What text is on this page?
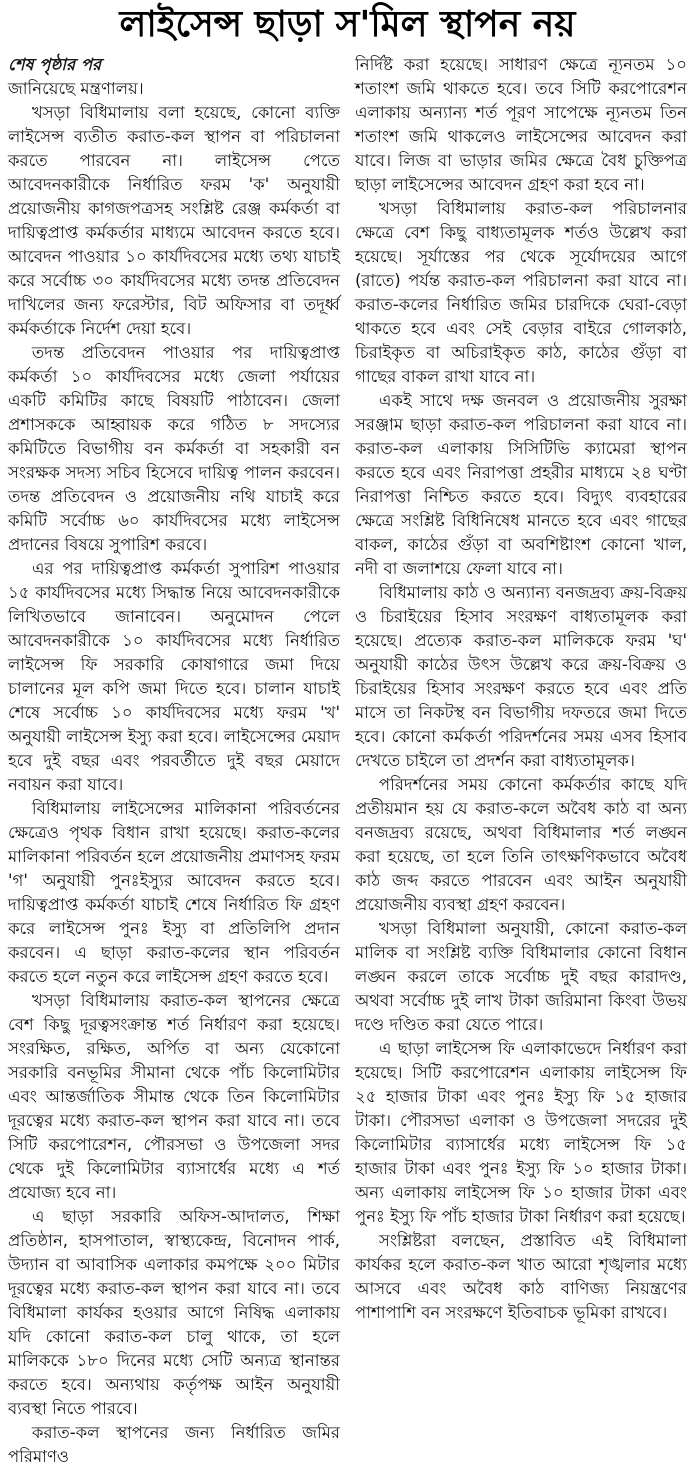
লাইসেন্স ছাড়া স'মিল স্থাপন নয়

শেষ পৃষ্ঠার পর

জানিয়েছে মন্ত্রণালয়।

খসড়া বিধিমালায় বলা হয়েছে, কোনো ব্যক্তি লাইসেন্স ব্যতীত করাত-কল স্থাপন বা পরিচালনা করতে পারবেন না। লাইসেন্স পেতে আবেদনকারীকে নির্ধারিত ফরম 'ক' অনুযায়ী প্রয়োজনীয় কাগজপত্রসহ সংশ্লিষ্ট রেঞ্জ কর্মকর্তা বা দায়িত্বপ্রাপ্ত কর্মকর্তার মাধ্যমে আবেদন করতে হবে। আবেদন পাওয়ার ১০ কার্যদিবসের মধ্যে তথ্য যাচাই করে সর্বোচ্চ ৩০ কার্যদিবসের মধ্যে তদন্ত প্রতিবেদন দাখিলের জন্য ফরেস্টার, বিট অফিসার বা তদূর্ধ্ব কর্মকর্তাকে নির্দেশ দেয়া হবে।

তদন্ত প্রতিবেদন পাওয়ার পর দায়িত্বপ্রাপ্ত কর্মকর্তা ১০ কার্যদিবসের মধ্যে জেলা পর্যায়ের একটি কমিটির কাছে বিষয়টি পাঠাবেন। জেলা প্রশাসককে আহ্বায়ক করে গঠিত ৮ সদস্যের কমিটিতে বিভাগীয় বন কর্মকর্তা বা সহকারী বন সংরক্ষক সদস্য সচিব হিসেবে দায়িত্ব পালন করবেন। তদন্ত প্রতিবেদন ও প্রয়োজনীয় নথি যাচাই করে কমিটি সর্বোচ্চ ৬০ কার্যদিবসের মধ্যে লাইসেন্স প্রদানের বিষয়ে সুপারিশ করবে।

এর পর দায়িত্বপ্রাপ্ত কর্মকর্তা সুপারিশ পাওয়ার ১৫ কার্যদিবসের মধ্যে সিদ্ধান্ত নিয়ে আবেদনকারীকে লিখিতভাবে জানাবেন। অনুমোদন পেলে আবেদনকারীকে ১০ কার্যদিবসের মধ্যে নির্ধারিত লাইসেন্স ফি সরকারি কোষাগারে জমা দিয়ে চালানের মূল কপি জমা দিতে হবে। চালান যাচাই শেষে সর্বোচ্চ ১০ কার্যদিবসের মধ্যে ফরম 'খ' অনুযায়ী লাইসেন্স ইস্যু করা হবে। লাইসেন্সের মেয়াদ হবে দুই বছর এবং পরবর্তীতে দুই বছর মেয়াদে নবায়ন করা যাবে।

বিধিমালায় লাইসেন্সের মালিকানা পরিবর্তনের ক্ষেত্রেও পৃথক বিধান রাখা হয়েছে। করাত-কলের মালিকানা পরিবর্তন হলে প্রয়োজনীয় প্রমাণসহ ফরম 'গ' অনুযায়ী পুনঃইস্যুর আবেদন করতে হবে। দায়িত্বপ্রাপ্ত কর্মকর্তা যাচাই শেষে নির্ধারিত ফি গ্রহণ করে লাইসেন্স পুনঃ ইস্যু বা প্রতিলিপি প্রদান করবেন। এ ছাড়া করাত-কলের স্থান পরিবর্তন করতে হলে নতুন করে লাইসেন্স গ্রহণ করতে হবে।

খসড়া বিধিমালায় করাত-কল স্থাপনের ক্ষেত্রে বেশ কিছু দূরত্বসংক্রান্ত শর্ত নির্ধারণ করা হয়েছে। সংরক্ষিত, রক্ষিত, অর্পিত বা অন্য যেকোনো সরকারি বনভূমির সীমানা থেকে পাঁচ কিলোমিটার এবং আন্তর্জাতিক সীমান্ত থেকে তিন কিলোমিটার দূরত্বের মধ্যে করাত-কল স্থাপন করা যাবে না। তবে সিটি করপোরেশন, পৌরসভা ও উপজেলা সদর থেকে দুই কিলোমিটার ব্যাসার্ধের মধ্যে এ শর্ত প্রযোজ্য হবে না।

এ ছাড়া সরকারি অফিস-আদালত, শিক্ষা প্রতিষ্ঠান, হাসপাতাল, স্বাস্থ্যকেন্দ্র, বিনোদন পার্ক, উদ্যান বা আবাসিক এলাকার কমপক্ষে ২০০ মিটার দূরত্বের মধ্যে করাত-কল স্থাপন করা যাবে না। তবে বিধিমালা কার্যকর হওয়ার আগে নিষিদ্ধ এলাকায় যদি কোনো করাত-কল চালু থাকে, তা হলে মালিককে ১৮০ দিনের মধ্যে সেটি অন্যত্র স্থানান্তর করতে হবে। অন্যথায় কর্তৃপক্ষ আইন অনুযায়ী ব্যবস্থা নিতে পারবে।

করাত-কল স্থাপনের জন্য নির্ধারিত জমির পরিমাণও

নির্দিষ্ট করা হয়েছে। সাধারণ ক্ষেত্রে ন্যূনতম ১০ শতাংশ জমি থাকতে হবে। তবে সিটি করপোরেশন এলাকায় অন্যান্য শর্ত পূরণ সাপেক্ষে ন্যূনতম তিন শতাংশ জমি থাকলেও লাইসেন্সের আবেদন করা যাবে। লিজ বা ভাড়ার জমির ক্ষেত্রে বৈধ চুক্তিপত্র ছাড়া লাইসেন্সের আবেদন গ্রহণ করা হবে না।

খসড়া বিধিমালায় করাত-কল পরিচালনার ক্ষেত্রে বেশ কিছু বাধ্যতামূলক শর্তও উল্লেখ করা হয়েছে। সূর্যাস্তের পর থেকে সূর্যোদয়ের আগে (রাতে) পর্যন্ত করাত-কল পরিচালনা করা যাবে না। করাত-কলের নির্ধারিত জমির চারদিকে ঘেরা-বেড়া থাকতে হবে এবং সেই বেড়ার বাইরে গোলকাঠ, চিরাইকৃত বা অচিরাইকৃত কাঠ, কাঠের গুঁড়া বা গাছের বাকল রাখা যাবে না।

একই সাথে দক্ষ জনবল ও প্রয়োজনীয় সুরক্ষা সরঞ্জাম ছাড়া করাত-কল পরিচালনা করা যাবে না। করাত-কল এলাকায় সিসিটিভি ক্যামেরা স্থাপন করতে হবে এবং নিরাপত্তা প্রহরীর মাধ্যমে ২৪ ঘণ্টা নিরাপত্তা নিশ্চিত করতে হবে। বিদ্যুৎ ব্যবহারের ক্ষেত্রে সংশ্লিষ্ট বিধিনিষেধ মানতে হবে এবং গাছের বাকল, কাঠের গুঁড়া বা অবশিষ্টাংশ কোনো খাল, নদী বা জলাশয়ে ফেলা যাবে না।

বিধিমালায় কাঠ ও অন্যান্য বনজদ্রব্য ক্রয়-বিক্রয় ও চিরাইয়ের হিসাব সংরক্ষণ বাধ্যতামূলক করা হয়েছে। প্রত্যেক করাত-কল মালিককে ফরম 'ঘ' অনুযায়ী কাঠের উৎস উল্লেখ করে ক্রয়-বিক্রয় ও চিরাইয়ের হিসাব সংরক্ষণ করতে হবে এবং প্রতি মাসে তা নিকটস্থ বন বিভাগীয় দফতরে জমা দিতে হবে। কোনো কর্মকর্তা পরিদর্শনের সময় এসব হিসাব দেখতে চাইলে তা প্রদর্শন করা বাধ্যতামূলক।

পরিদর্শনের সময় কোনো কর্মকর্তার কাছে যদি প্রতীয়মান হয় যে করাত-কলে অবৈধ কাঠ বা অন্য বনজদ্রব্য রয়েছে, অথবা বিধিমালার শর্ত লঙ্ঘন করা হয়েছে, তা হলে তিনি তাৎক্ষণিকভাবে অবৈধ কাঠ জব্দ করতে পারবেন এবং আইন অনুযায়ী প্রয়োজনীয় ব্যবস্থা গ্রহণ করবেন।

খসড়া বিধিমালা অনুযায়ী, কোনো করাত-কল মালিক বা সংশ্লিষ্ট ব্যক্তি বিধিমালার কোনো বিধান লঙ্ঘন করলে তাকে সর্বোচ্চ দুই বছর কারাদণ্ড, অথবা সর্বোচ্চ দুই লাখ টাকা জরিমানা কিংবা উভয় দণ্ডে দণ্ডিত করা যেতে পারে।

এ ছাড়া লাইসেন্স ফি এলাকাভেদে নির্ধারণ করা হয়েছে। সিটি করপোরেশন এলাকায় লাইসেন্স ফি ২৫ হাজার টাকা এবং পুনঃ ইস্যু ফি ১৫ হাজার টাকা। পৌরসভা এলাকা ও উপজেলা সদরের দুই কিলোমিটার ব্যাসার্ধের মধ্যে লাইসেন্স ফি ১৫ হাজার টাকা এবং পুনঃ ইস্যু ফি ১০ হাজার টাকা। অন্য এলাকায় লাইসেন্স ফি ১০ হাজার টাকা এবং পুনঃ ইস্যু ফি পাঁচ হাজার টাকা নির্ধারণ করা হয়েছে।

সংশ্লিষ্টরা বলছেন, প্রস্তাবিত এই বিধিমালা কার্যকর হলে করাত-কল খাত আরো শৃঙ্খলার মধ্যে আসবে এবং অবৈধ কাঠ বাণিজ্য নিয়ন্ত্রণের পাশাপাশি বন সংরক্ষণে ইতিবাচক ভূমিকা রাখবে।
